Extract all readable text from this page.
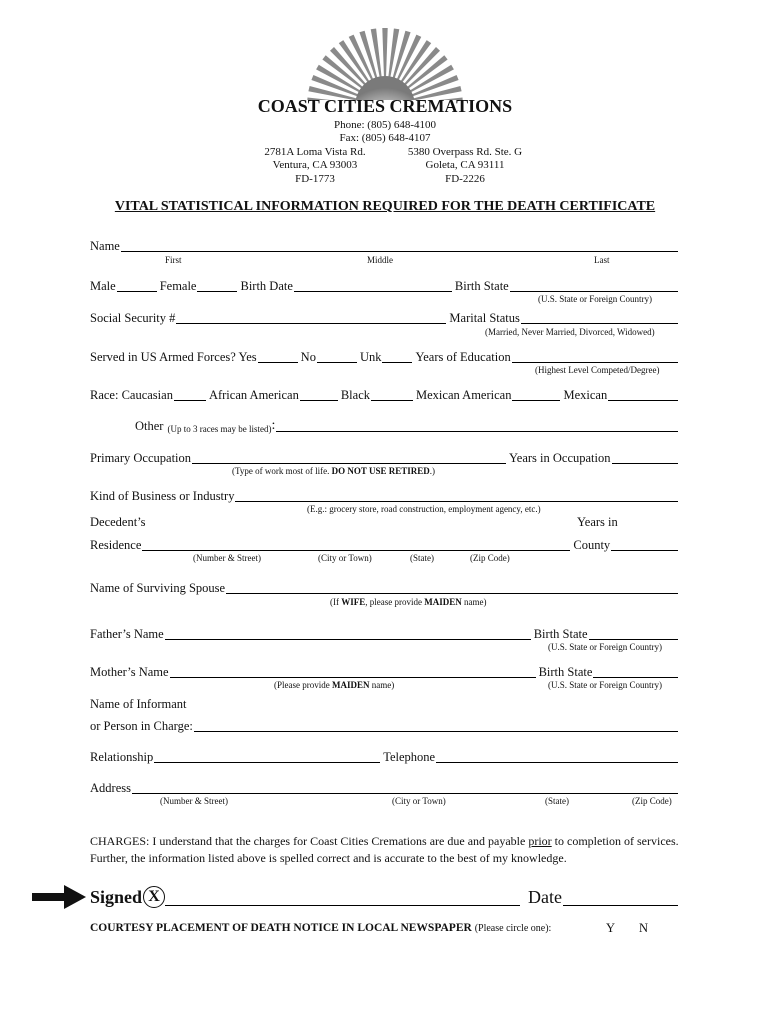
COAST CITIES CREMATIONS
Phone: (805) 648-4100
Fax: (805) 648-4107
2781A Loma Vista Rd.
Ventura, CA 93003
FD-1773
5380 Overpass Rd. Ste. G
Goleta, CA 93111
FD-2226
VITAL STATISTICAL INFORMATION REQUIRED FOR THE DEATH CERTIFICATE
Name
First	Middle	Last
Male	Female	Birth Date	Birth State
(U.S. State or Foreign Country)
Social Security #	Marital Status
(Married, Never Married, Divorced, Widowed)
Served in US Armed Forces? Yes	No	Unk	Years of Education
(Highest Level Competed/Degree)
Race: Caucasian	African American	Black	Mexican American	Mexican
Other (Up to 3 races may be listed) :
Primary Occupation	Years in Occupation
(Type of work most of life. DO NOT USE RETIRED.)
Kind of Business or Industry
(E.g.: grocery store, road construction, employment agency, etc.)
Decedent’s	Years in
Residence	County
(Number & Street)	(City or Town)	(State)	(Zip Code)
Name of Surviving Spouse
(If WIFE, please provide MAIDEN name)
Father’s Name	Birth State
(U.S. State or Foreign Country)
Mother’s Name	Birth State
(Please provide MAIDEN name)	(U.S. State or Foreign Country)
Name of Informant
or Person in Charge:
Relationship	Telephone
Address
(Number & Street)	(City or Town)	(State)	(Zip Code)
CHARGES: I understand that the charges for Coast Cities Cremations are due and payable prior to completion of services. Further, the information listed above is spelled correct and is accurate to the best of my knowledge.
Signed X	Date
COURTESY PLACEMENT OF DEATH NOTICE IN LOCAL NEWSPAPER (Please circle one):	Y N
